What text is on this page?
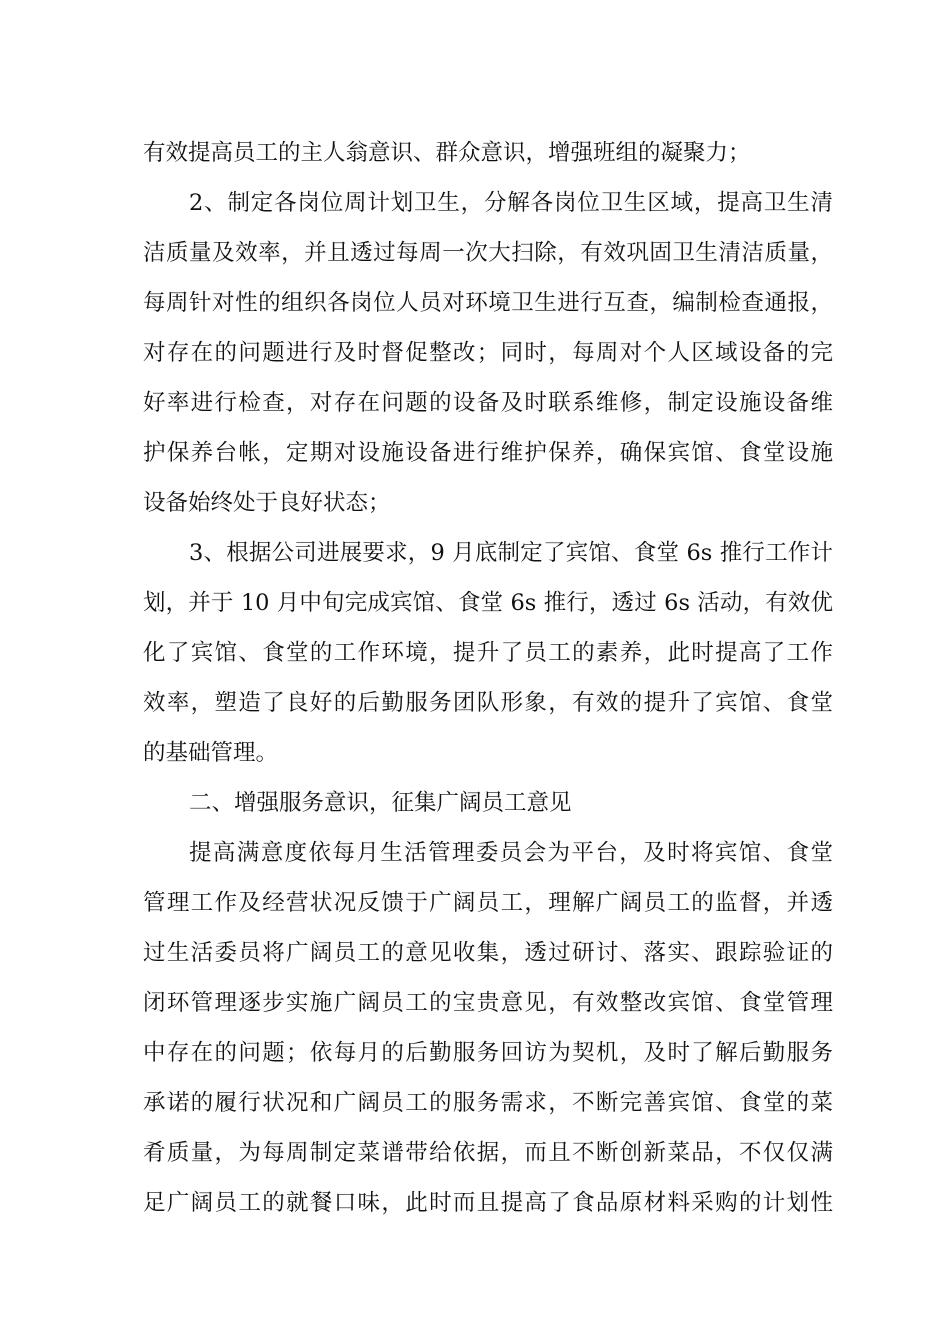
有效提高员工的主人翁意识、群众意识，增强班组的凝聚力；
2、制定各岗位周计划卫生，分解各岗位卫生区域，提高卫生清
洁质量及效率，并且透过每周一次大扫除，有效巩固卫生清洁质量，
每周针对性的组织各岗位人员对环境卫生进行互查，编制检查通报，
对存在的问题进行及时督促整改；同时，每周对个人区域设备的完
好率进行检查，对存在问题的设备及时联系维修，制定设施设备维
护保养台帐，定期对设施设备进行维护保养，确保宾馆、食堂设施
设备始终处于良好状态；
3、根据公司进展要求，9 月底制定了宾馆、食堂 6s 推行工作计
划，并于 10 月中旬完成宾馆、食堂 6s 推行，透过 6s 活动，有效优
化了宾馆、食堂的工作环境，提升了员工的素养，此时提高了工作
效率，塑造了良好的后勤服务团队形象，有效的提升了宾馆、食堂
的基础管理。
二、增强服务意识，征集广阔员工意见
提高满意度依每月生活管理委员会为平台，及时将宾馆、食堂
管理工作及经营状况反馈于广阔员工，理解广阔员工的监督，并透
过生活委员将广阔员工的意见收集，透过研讨、落实、跟踪验证的
闭环管理逐步实施广阔员工的宝贵意见，有效整改宾馆、食堂管理
中存在的问题；依每月的后勤服务回访为契机，及时了解后勤服务
承诺的履行状况和广阔员工的服务需求，不断完善宾馆、食堂的菜
肴质量，为每周制定菜谱带给依据，而且不断创新菜品，不仅仅满
足广阔员工的就餐口味，此时而且提高了食品原材料采购的计划性
